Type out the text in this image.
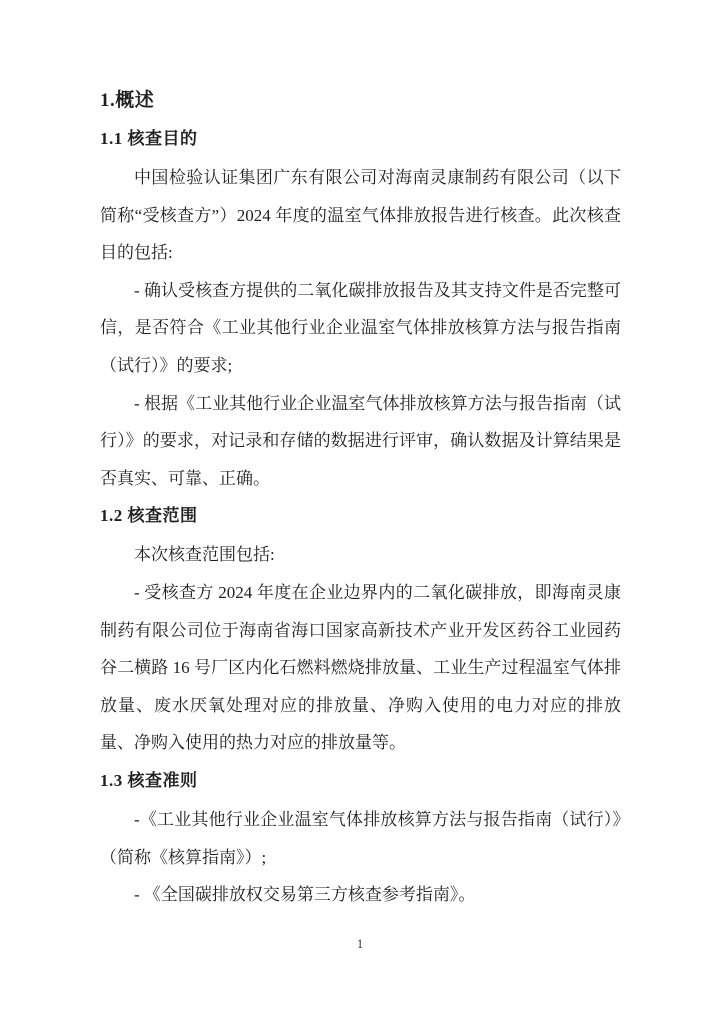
1.概述
1.1 核查目的

中国检验认证集团广东有限公司对海南灵康制药有限公司（以下简称“受核查方”）2024 年度的温室气体排放报告进行核查。此次核查目的包括:

- 确认受核查方提供的二氧化碳排放报告及其支持文件是否完整可信，是否符合《工业其他行业企业温室气体排放核算方法与报告指南（试行）》的要求;

- 根据《工业其他行业企业温室气体排放核算方法与报告指南（试行）》的要求，对记录和存储的数据进行评审，确认数据及计算结果是否真实、可靠、正确。

1.2 核查范围

本次核查范围包括:

- 受核查方 2024 年度在企业边界内的二氧化碳排放，即海南灵康制药有限公司位于海南省海口国家高新技术产业开发区药谷工业园药谷二横路 16 号厂区内化石燃料燃烧排放量、工业生产过程温室气体排放量、废水厌氧处理对应的排放量、净购入使用的电力对应的排放量、净购入使用的热力对应的排放量等。

1.3 核查准则

-《工业其他行业企业温室气体排放核算方法与报告指南（试行）》（简称《核算指南》）;

- 《全国碳排放权交易第三方核查参考指南》。

1
